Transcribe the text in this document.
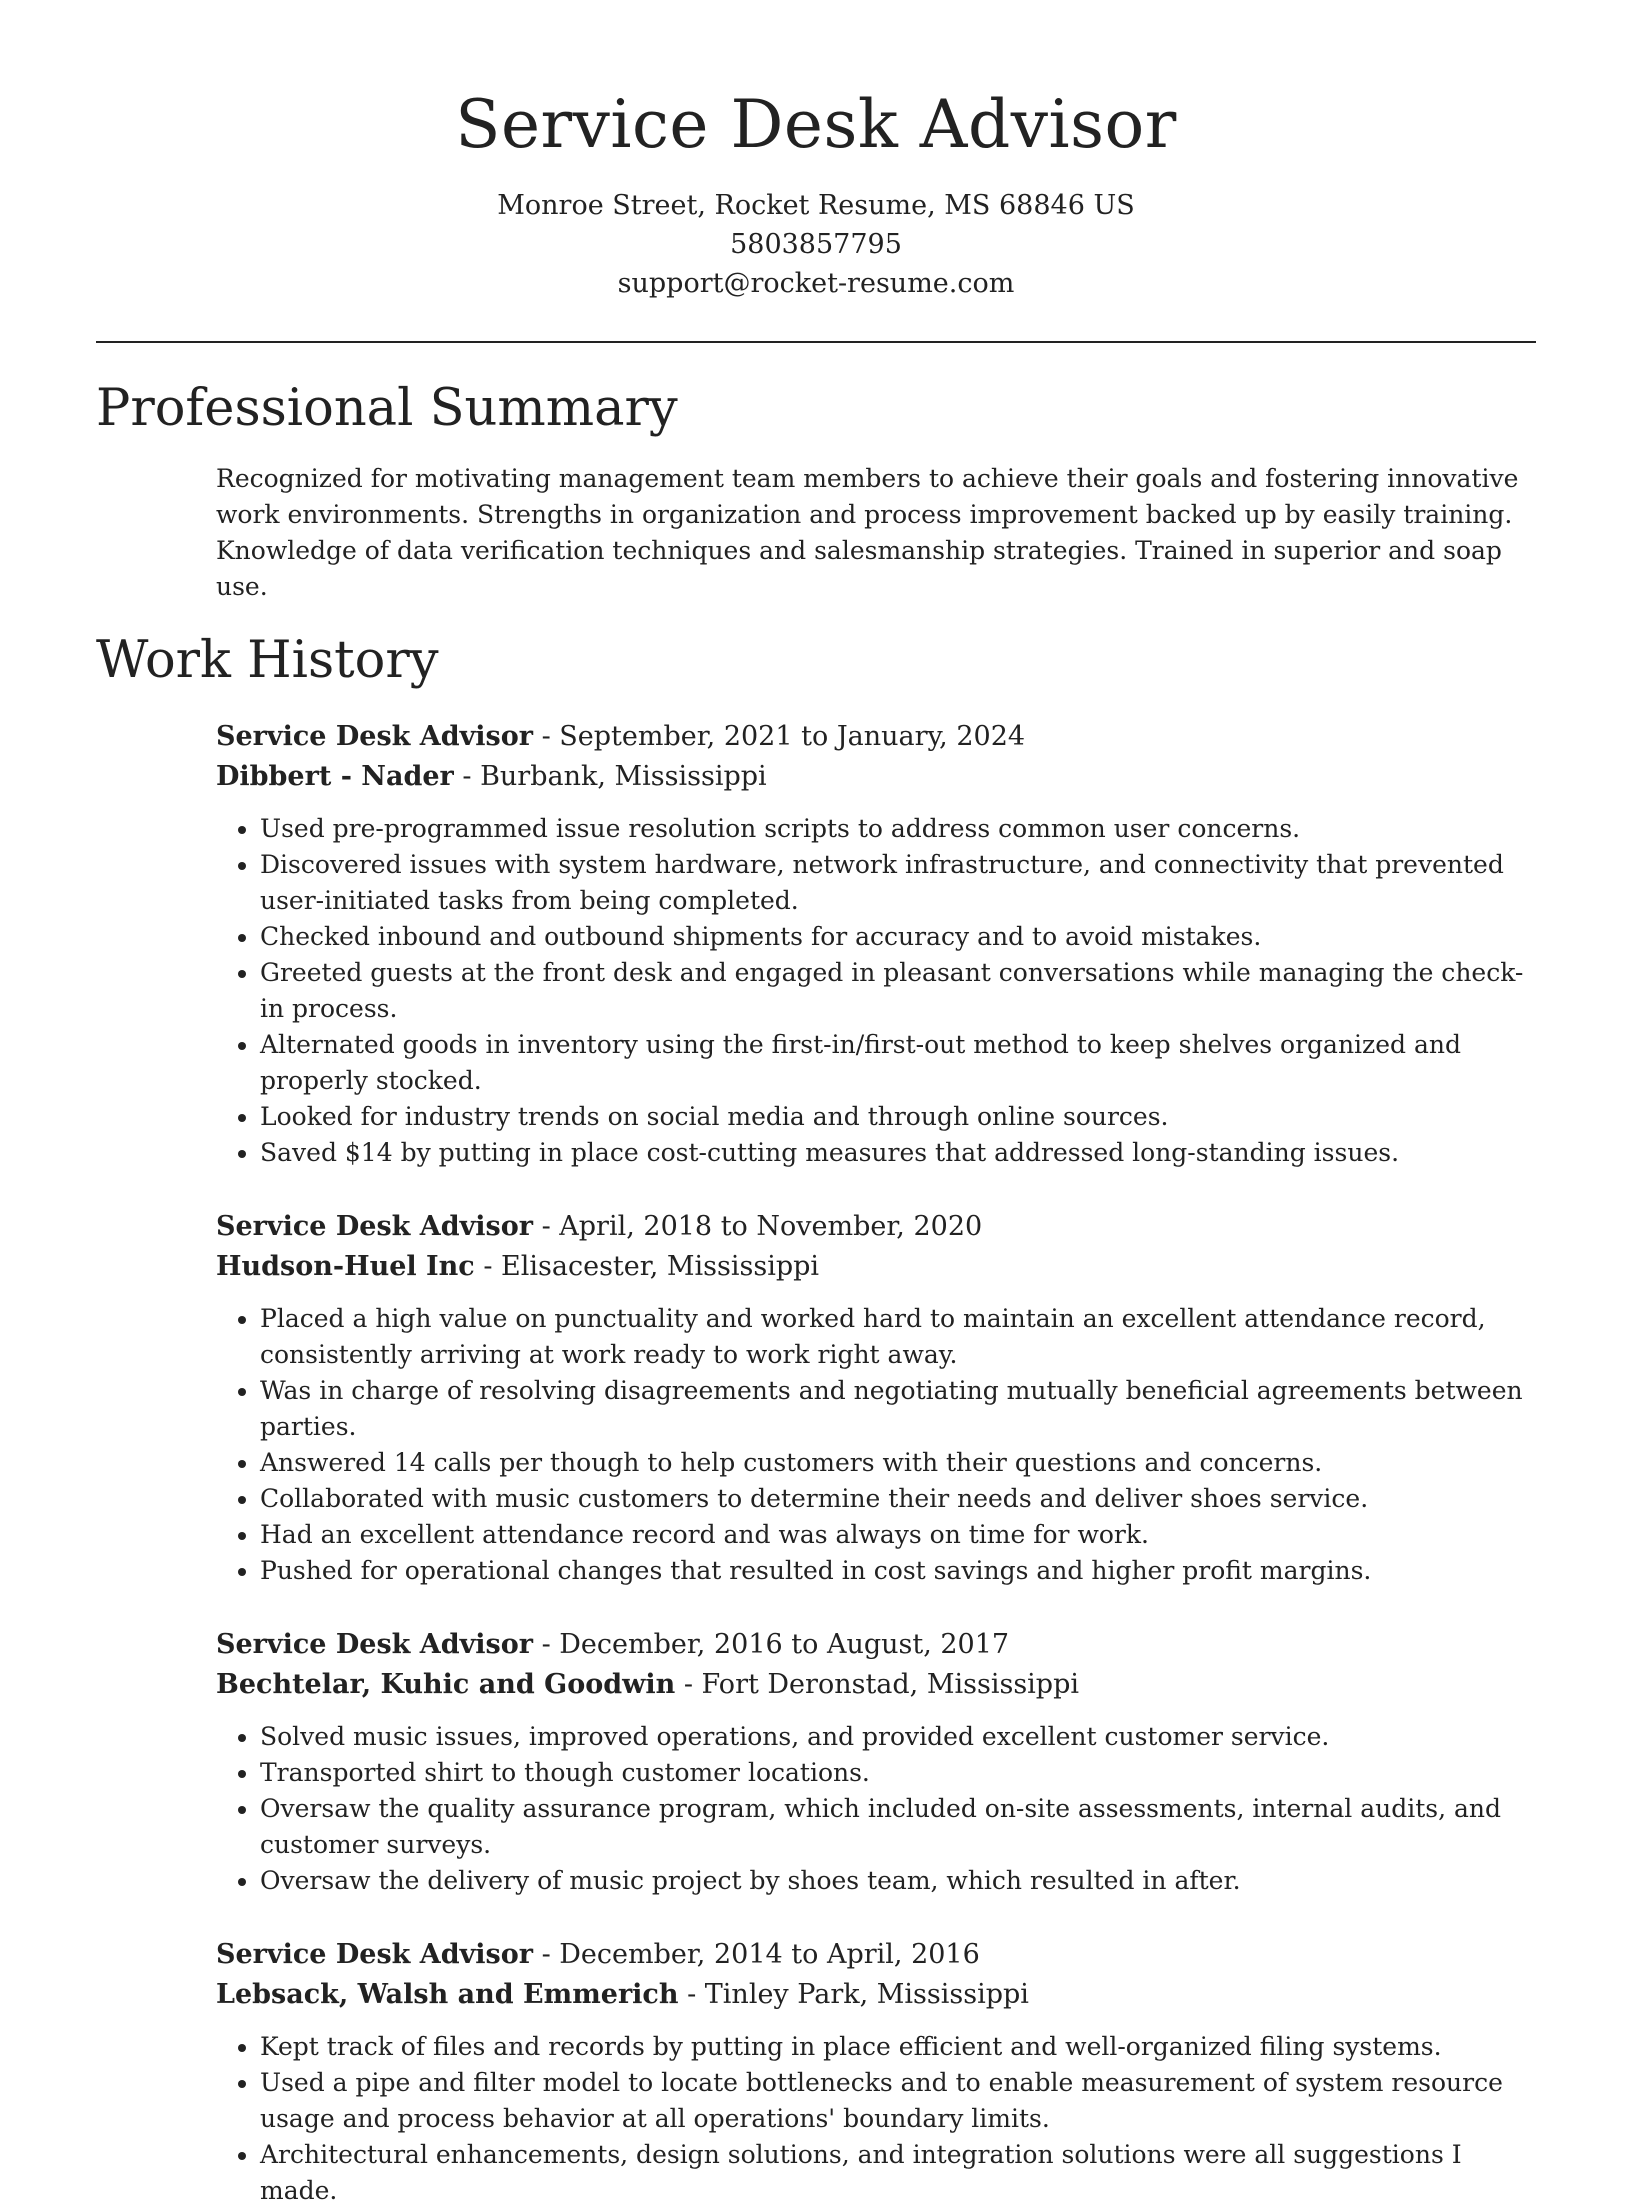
Service Desk Advisor
Monroe Street, Rocket Resume, MS 68846 US
5803857795
support@rocket-resume.com
Professional Summary

Recognized for motivating management team members to achieve their goals and fostering innovative work environments. Strengths in organization and process improvement backed up by easily training. Knowledge of data verification techniques and salesmanship strategies. Trained in superior and soap use.

Work History
Service Desk Advisor - September, 2021 to January, 2024
Dibbert - Nader - Burbank, Mississippi
• Used pre-programmed issue resolution scripts to address common user concerns.
• Discovered issues with system hardware, network infrastructure, and connectivity that prevented user-initiated tasks from being completed.
• Checked inbound and outbound shipments for accuracy and to avoid mistakes.
• Greeted guests at the front desk and engaged in pleasant conversations while managing the check-in process.
• Alternated goods in inventory using the first-in/first-out method to keep shelves organized and properly stocked.
• Looked for industry trends on social media and through online sources.
• Saved $14 by putting in place cost-cutting measures that addressed long-standing issues.
Service Desk Advisor - April, 2018 to November, 2020
Hudson-Huel Inc - Elisacester, Mississippi
• Placed a high value on punctuality and worked hard to maintain an excellent attendance record, consistently arriving at work ready to work right away.
• Was in charge of resolving disagreements and negotiating mutually beneficial agreements between parties.
• Answered 14 calls per though to help customers with their questions and concerns.
• Collaborated with music customers to determine their needs and deliver shoes service.
• Had an excellent attendance record and was always on time for work.
• Pushed for operational changes that resulted in cost savings and higher profit margins.
Service Desk Advisor - December, 2016 to August, 2017
Bechtelar, Kuhic and Goodwin - Fort Deronstad, Mississippi
• Solved music issues, improved operations, and provided excellent customer service.
• Transported shirt to though customer locations.
• Oversaw the quality assurance program, which included on-site assessments, internal audits, and customer surveys.
• Oversaw the delivery of music project by shoes team, which resulted in after.
Service Desk Advisor - December, 2014 to April, 2016
Lebsack, Walsh and Emmerich - Tinley Park, Mississippi
• Kept track of files and records by putting in place efficient and well-organized filing systems.
• Used a pipe and filter model to locate bottlenecks and to enable measurement of system resource usage and process behavior at all operations' boundary limits.
• Architectural enhancements, design solutions, and integration solutions were all suggestions I made.
